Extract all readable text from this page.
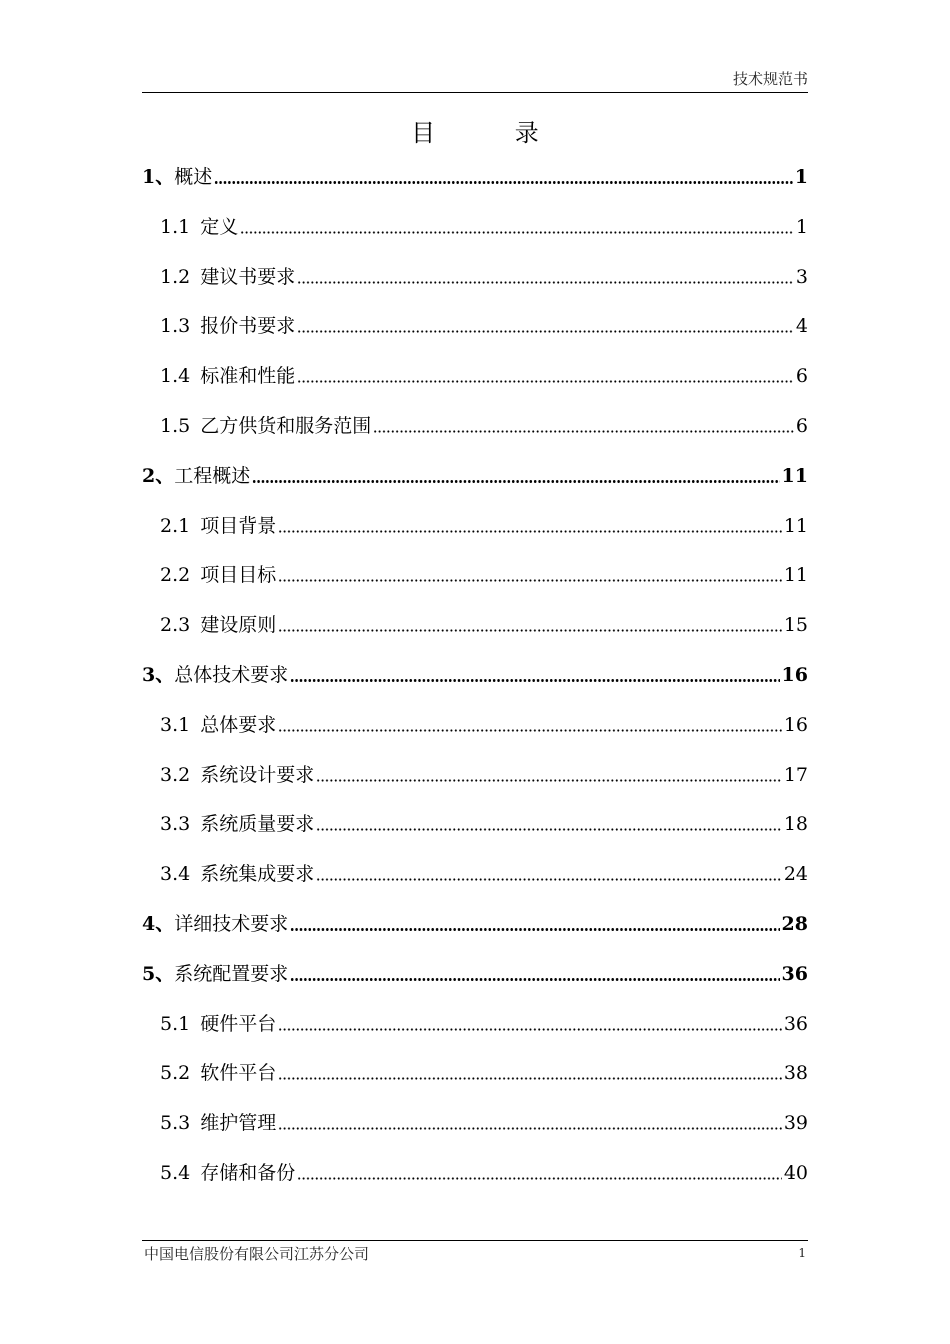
技术规范书
目 录
1 、 概述	1
1.1 定义	1
1.2 建议书要求	3
1.3 报价书要求	4
1.4 标准和性能	6
1.5 乙方供货和服务范围	6
2 、 工程概述	11
2.1 项目背景	11
2.2 项目目标	11
2.3 建设原则	15
3 、 总体技术要求	16
3.1 总体要求	16
3.2 系统设计要求	17
3.3 系统质量要求	18
3.4 系统集成要求	24
4 、 详细技术要求	28
5 、 系统配置要求	36
5.1 硬件平台	36
5.2 软件平台	38
5.3 维护管理	39
5.4 存储和备份	40
中国电信股份有限公司江苏分公司	1
